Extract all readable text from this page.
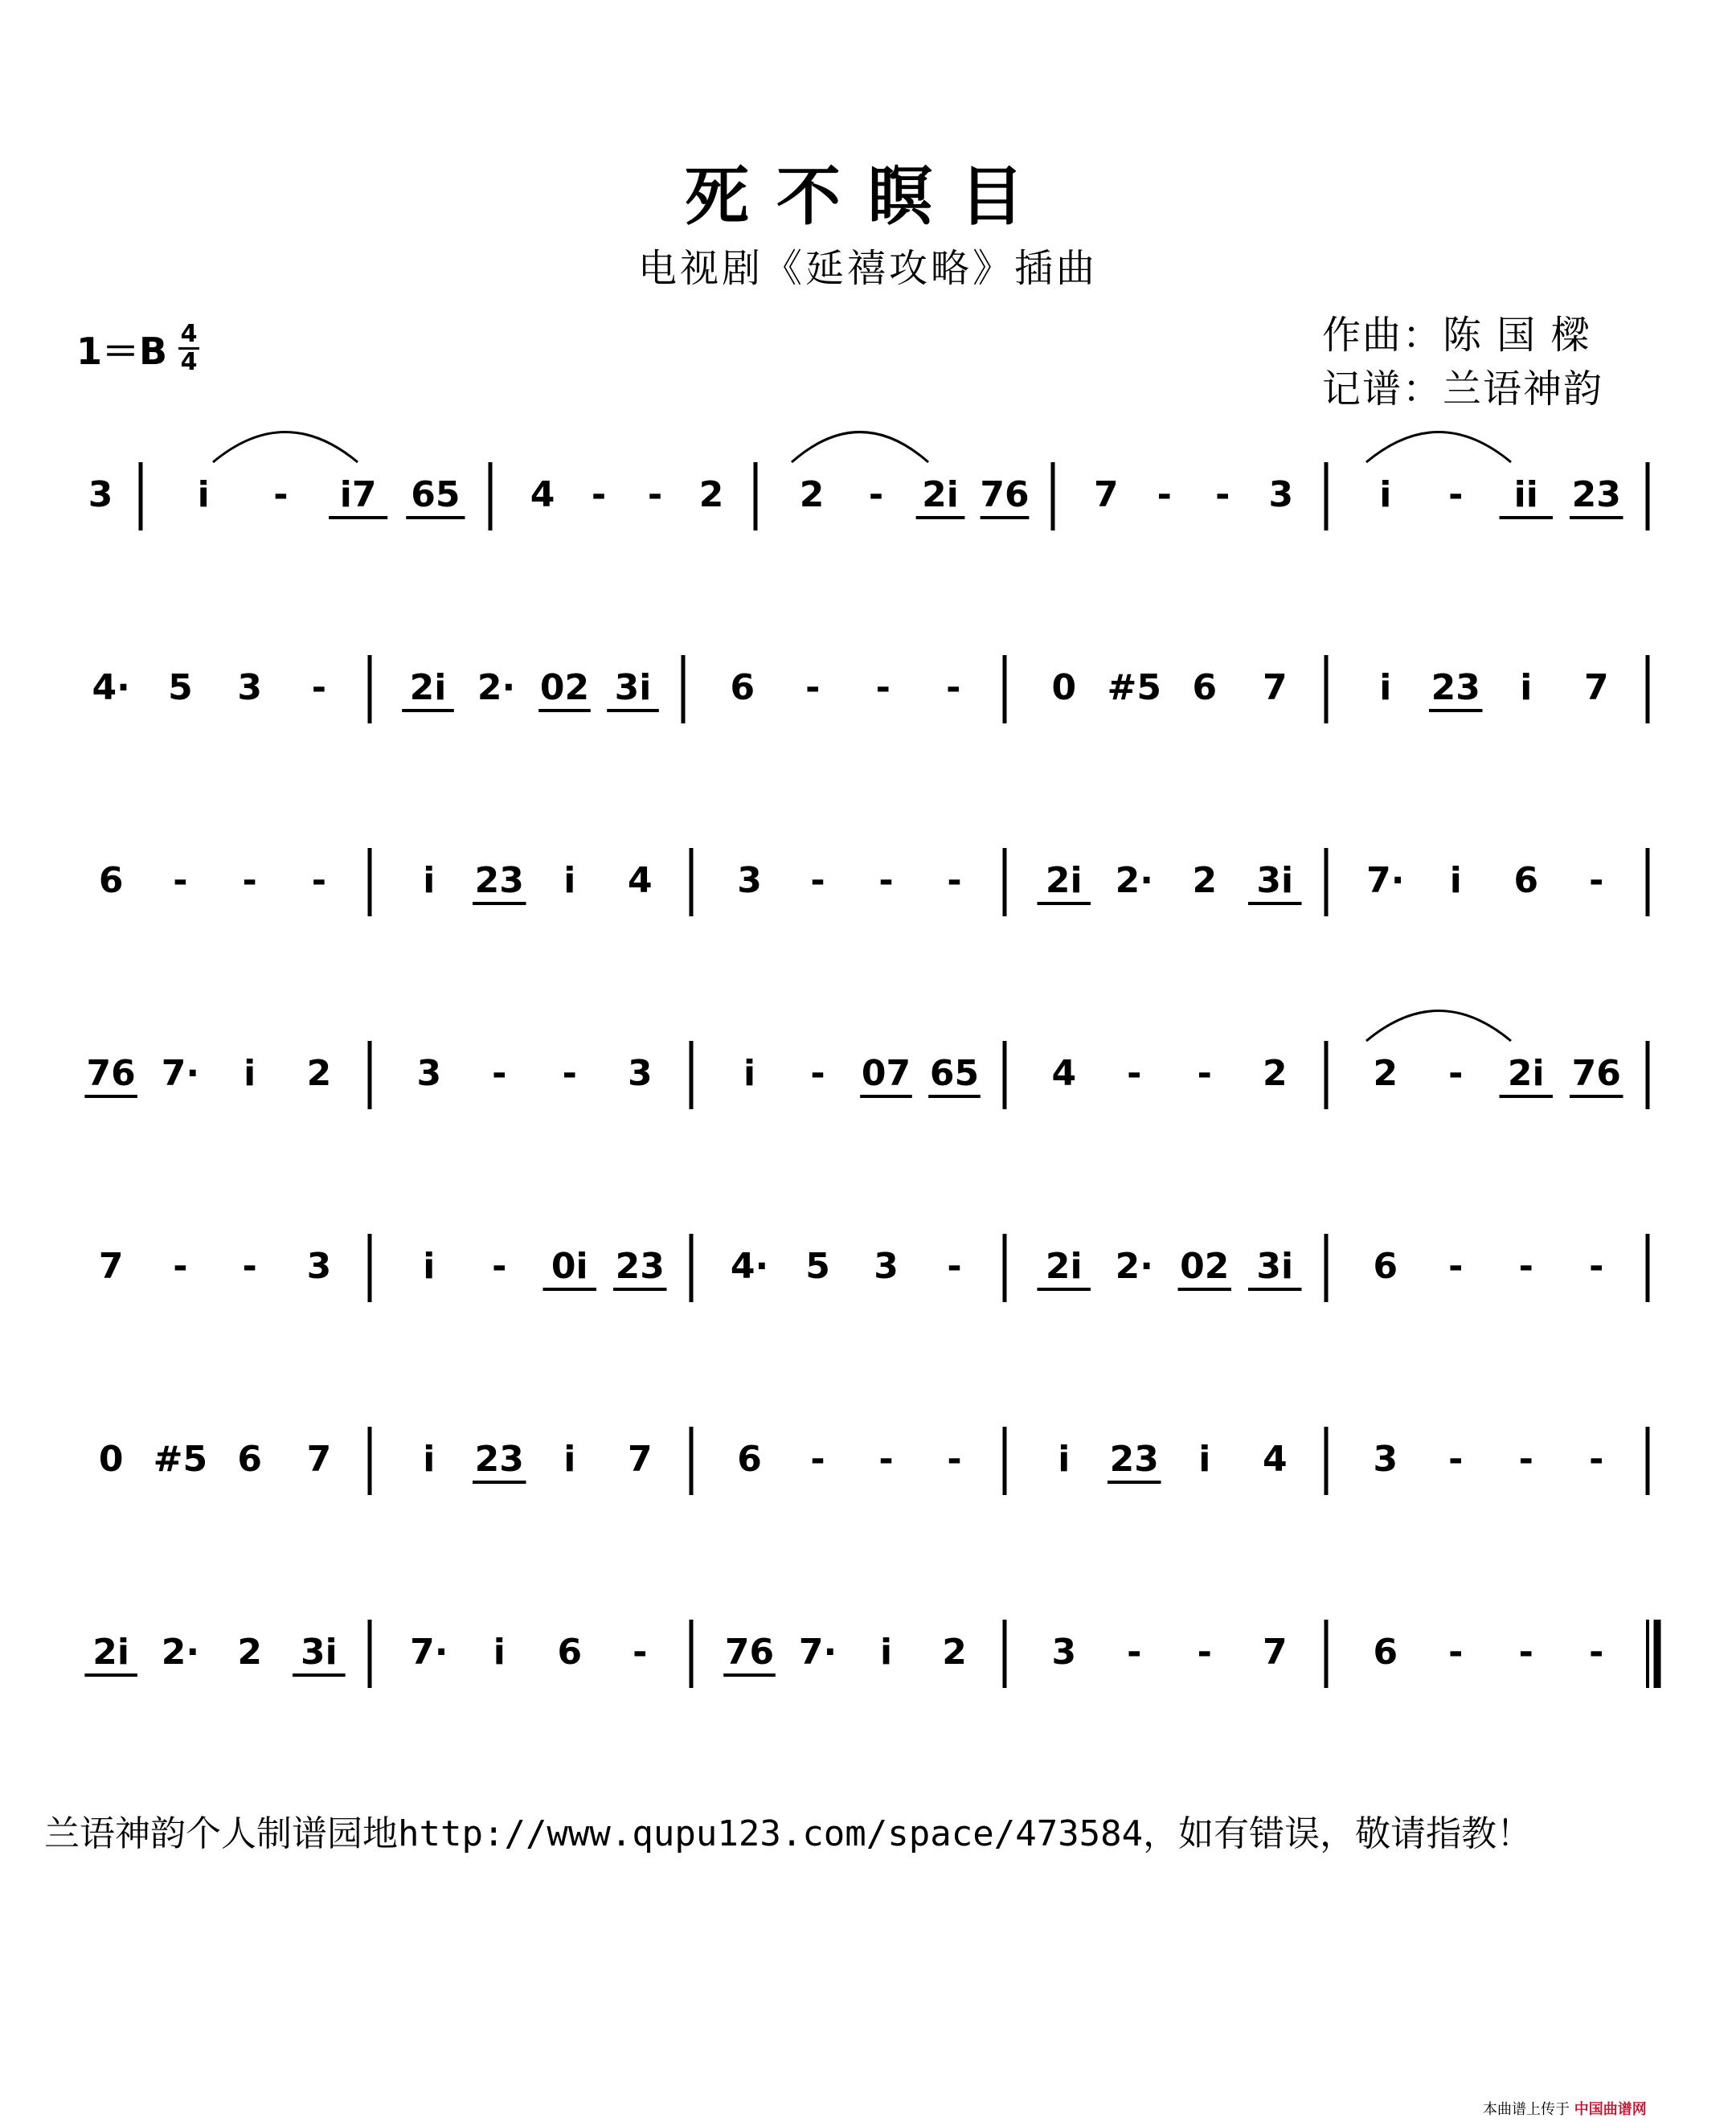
死不瞑目
电视剧《延禧攻略》插曲
1＝B 4
4
作曲：陈 国 樑
记谱：兰语神韵
3 i - i7 65 4 - - 2 2 - 2i 76 7 - - 3 i - ii 23
4· 5 3 - 2i 2· 02 3i 6 - - -	0 #5 6 7	i 23 i 7
6 - - -	i 23 i 4 3 - - - 2i 2· 2 3i 7· i 6 -
76 7· i 2 3 - - 3	i - 07 65 4 - - 2 2 - 2i 76
7 - - 3	i - 0i 23 4· 5 3 - 2i 2· 02 3i 6 - - -
0 #5 6 7	i 23 i 7 6 - - -	i 23 i 4 3 - - -
2i 2· 2 3i 7· i 6 - 76 7· i 2 3 - - 7 6 - - -
兰语神韵个人制谱园地http://www.qupu123.com/space/473584，如有错误，敬请指教！
本曲谱上传于 中国曲谱网
